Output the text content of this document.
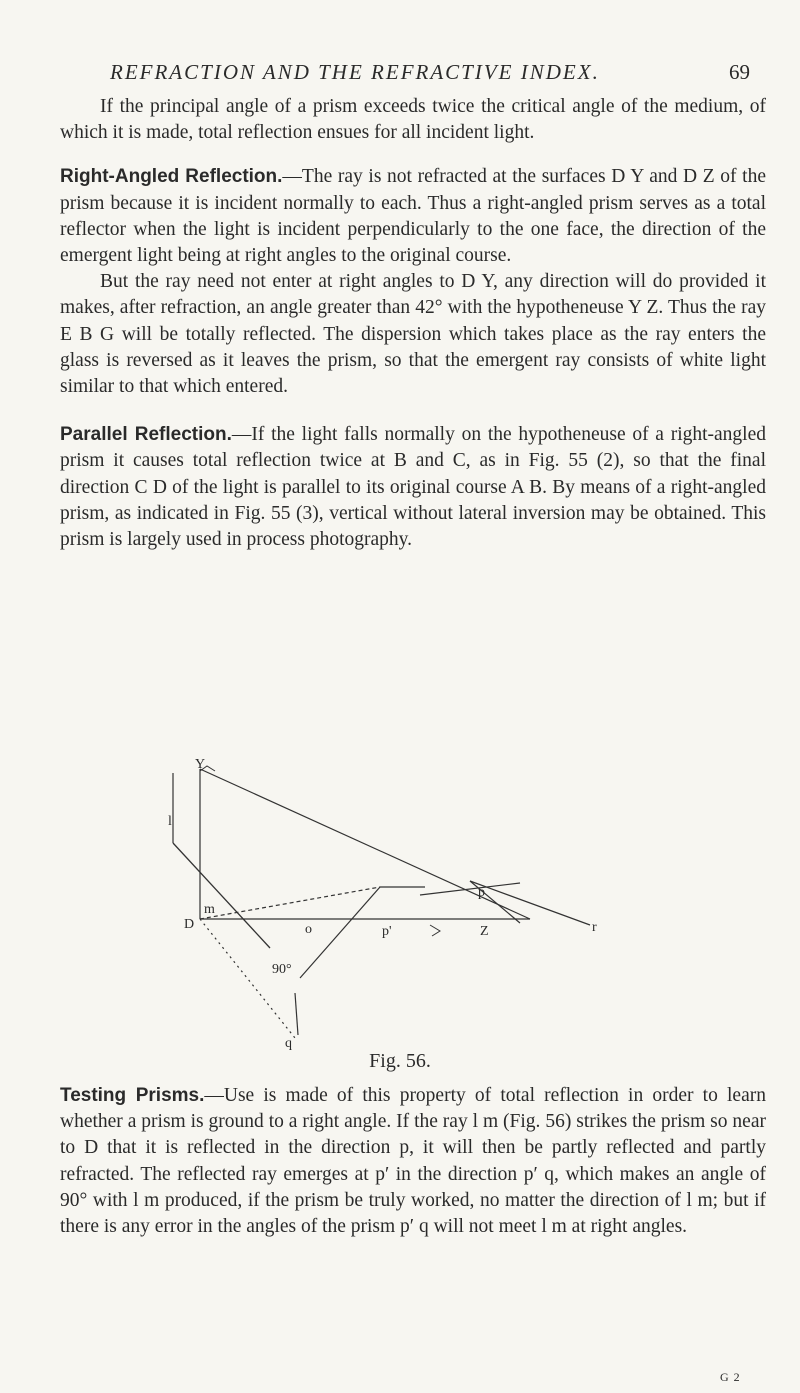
REFRACTION AND THE REFRACTIVE INDEX.	69

If the principal angle of a prism exceeds twice the critical angle of the medium, of which it is made, total reflection ensues for all incident light.

Right-Angled Reflection.—The ray is not refracted at the surfaces D Y and D Z of the prism because it is incident normally to each. Thus a right-angled prism serves as a total reflector when the light is incident perpendicularly to the one face, the direction of the emergent light being at right angles to the original course.

But the ray need not enter at right angles to D Y, any direction will do provided it makes, after refraction, an angle greater than 42° with the hypotheneuse Y Z. Thus the ray E B G will be totally reflected. The dispersion which takes place as the ray enters the glass is reversed as it leaves the prism, so that the emergent ray consists of white light similar to that which entered.

Parallel Reflection.—If the light falls normally on the hypotheneuse of a right-angled prism it causes total reflection twice at B and C, as in Fig. 55 (2), so that the final direction C D of the light is parallel to its original course A B. By means of a right-angled prism, as indicated in Fig. 55 (3), vertical without lateral inversion may be obtained. This prism is largely used in process photography.

Y
l
m
D	o
p
p'	Z	r
90°
q
Fig. 56.

Testing Prisms.—Use is made of this property of total reflection in order to learn whether a prism is ground to a right angle. If the ray l m (Fig. 56) strikes the prism so near to D that it is reflected in the direction p, it will then be partly reflected and partly refracted. The reflected ray emerges at p′ in the direction p′ q, which makes an angle of 90° with l m produced, if the prism be truly worked, no matter the direction of l m; but if there is any error in the angles of the prism p′ q will not meet l m at right angles.

G 2
